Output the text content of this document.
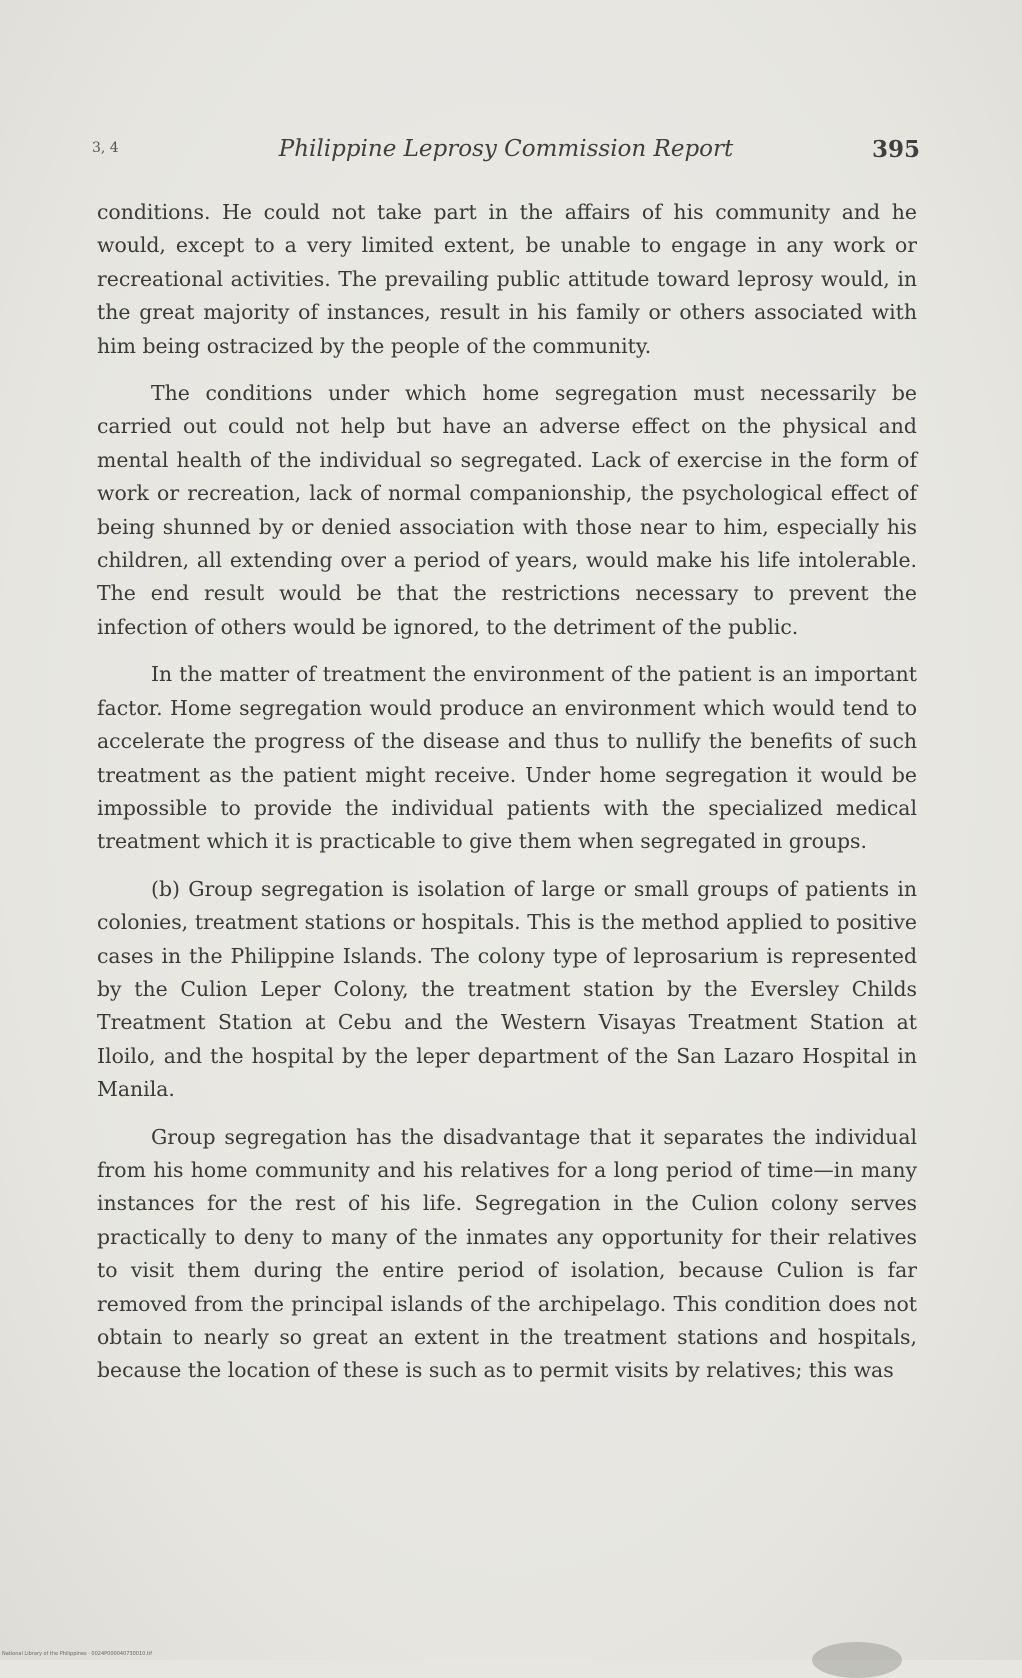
3, 4	Philippine Leprosy Commission Report	395

conditions. He could not take part in the affairs of his community and he would, except to a very limited extent, be unable to engage in any work or recreational activities. The prevailing public attitude toward leprosy would, in the great majority of instances, result in his family or others associated with him being ostracized by the people of the community.

The conditions under which home segregation must necessarily be carried out could not help but have an adverse effect on the physical and mental health of the individual so segregated. Lack of exercise in the form of work or recreation, lack of normal companionship, the psychological effect of being shunned by or denied association with those near to him, especially his children, all extending over a period of years, would make his life intolerable. The end result would be that the restrictions necessary to prevent the infection of others would be ignored, to the detriment of the public.

In the matter of treatment the environment of the patient is an important factor. Home segregation would produce an environment which would tend to accelerate the progress of the disease and thus to nullify the benefits of such treatment as the patient might receive. Under home segregation it would be impossible to provide the individual patients with the specialized medical treatment which it is practicable to give them when segregated in groups.

(b) Group segregation is isolation of large or small groups of patients in colonies, treatment stations or hospitals. This is the method applied to positive cases in the Philippine Islands. The colony type of leprosarium is represented by the Culion Leper Colony, the treatment station by the Eversley Childs Treatment Station at Cebu and the Western Visayas Treatment Station at Iloilo, and the hospital by the leper department of the San Lazaro Hospital in Manila.

Group segregation has the disadvantage that it separates the individual from his home community and his relatives for a long period of time—in many instances for the rest of his life. Segregation in the Culion colony serves practically to deny to many of the inmates any opportunity for their relatives to visit them during the entire period of isolation, because Culion is far removed from the principal islands of the archipelago. This condition does not obtain to nearly so great an extent in the treatment stations and hospitals, because the location of these is such as to permit visits by relatives; this was

National Library of the Philippines · 0024P000040730010.tif
